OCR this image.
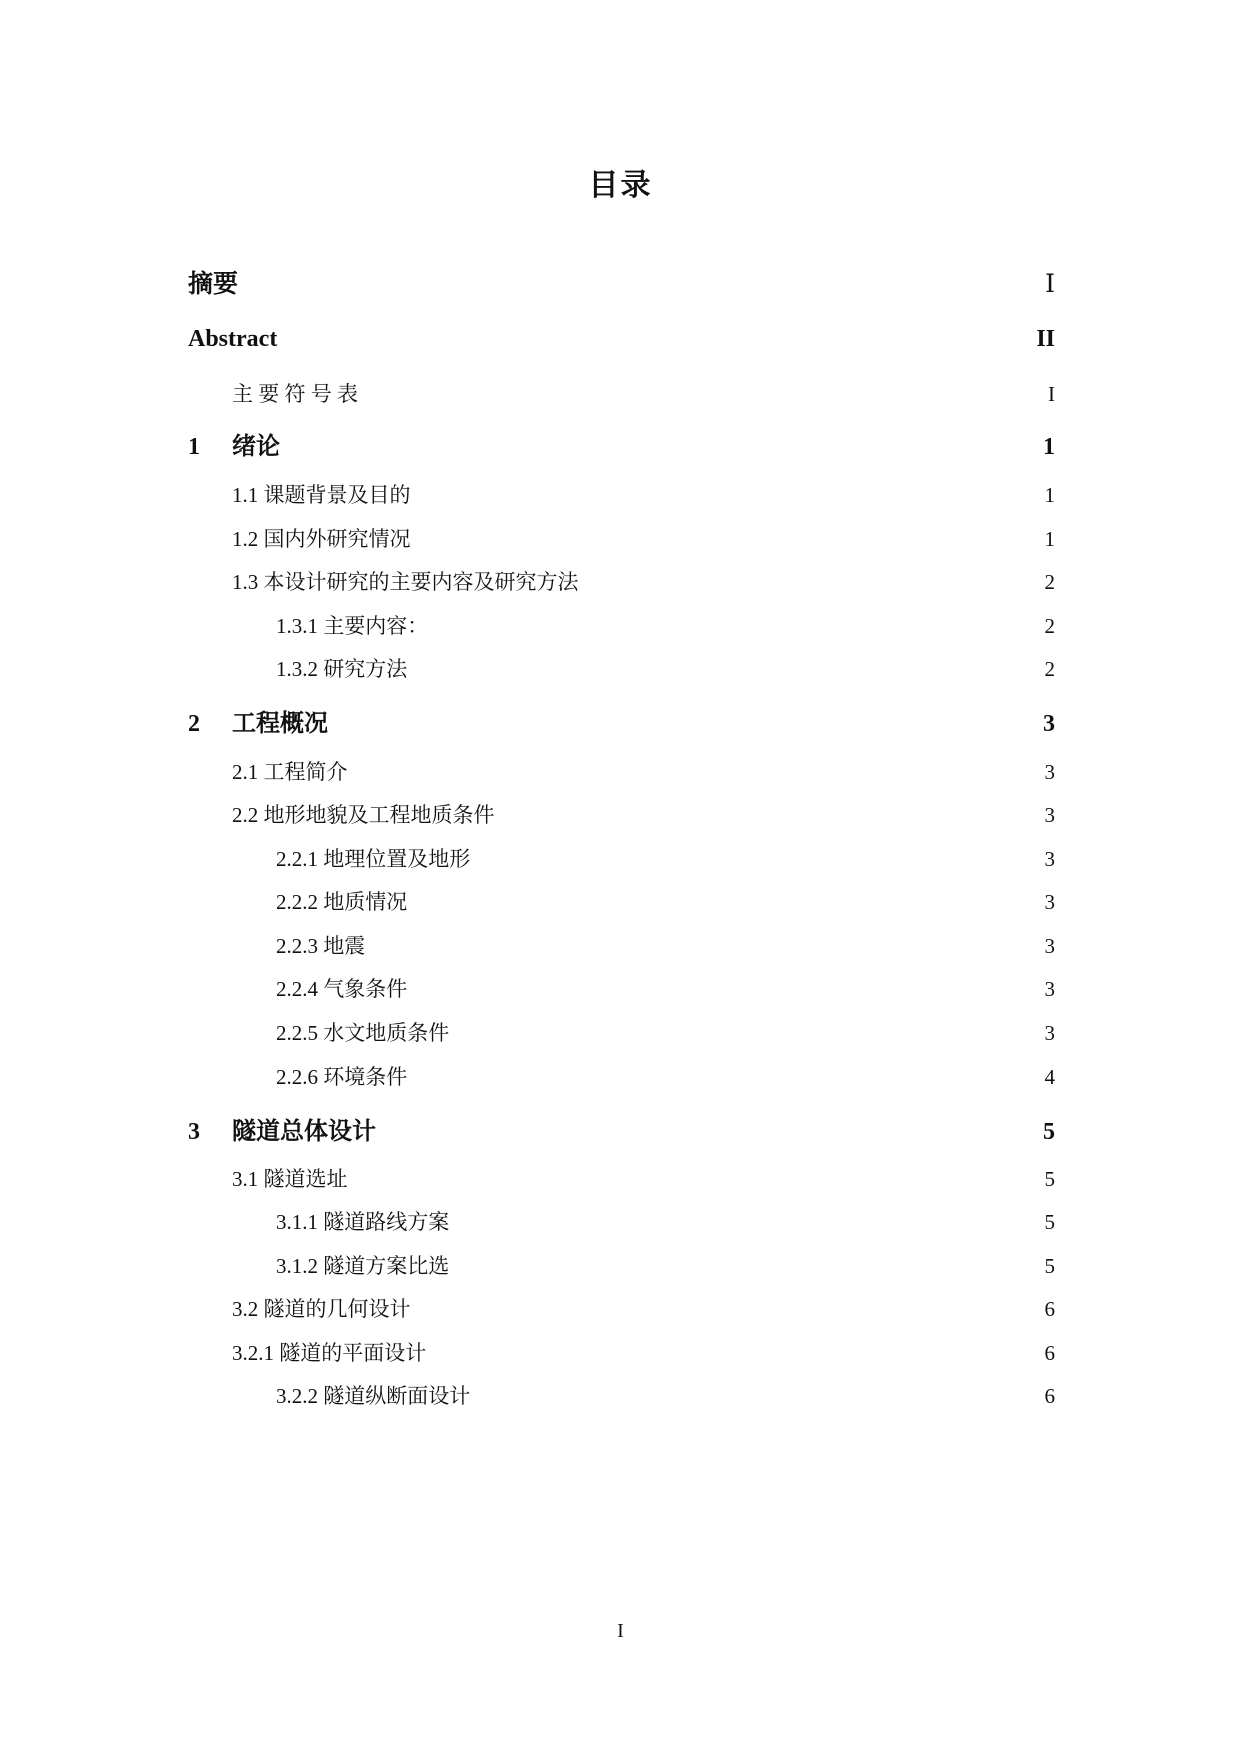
目录
摘要	Ⅰ
Abstract	II
主 要 符 号 表	I
1 绪论	1
1.1 课题背景及目的	1
1.2 国内外研究情况	1
1.3 本设计研究的主要内容及研究方法	2
1.3.1 主要内容：	2
1.3.2 研究方法	2
2 工程概况	3
2.1 工程简介	3
2.2 地形地貌及工程地质条件	3
2.2.1 地理位置及地形	3
2.2.2 地质情况	3
2.2.3 地震	3
2.2.4 气象条件	3
2.2.5 水文地质条件	3
2.2.6 环境条件	4
3 隧道总体设计	5
3.1 隧道选址	5
3.1.1 隧道路线方案	5
3.1.2 隧道方案比选	5
3.2 隧道的几何设计	6
3.2.1 隧道的平面设计	6
3.2.2 隧道纵断面设计	6
I
